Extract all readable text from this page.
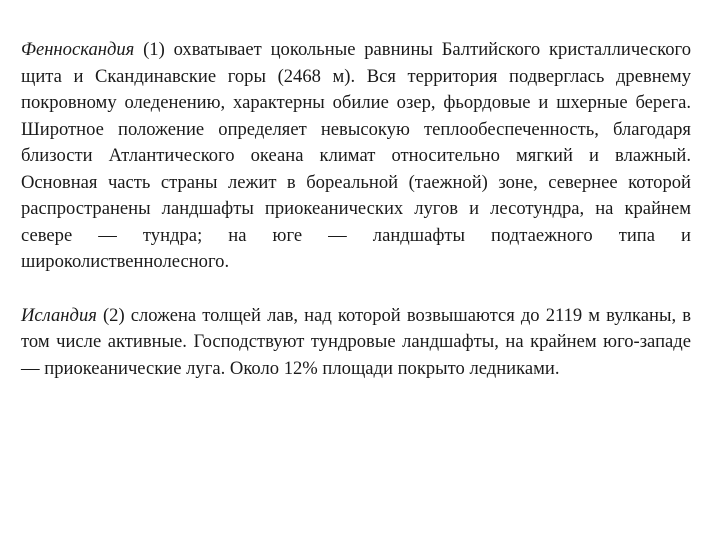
Фенноскандия (1) охватывает цокольные равнины Балтийского кристаллического щита и Скандинавские горы (2468 м). Вся территория подверглась древнему покровному оледенению, характерны обилие озер, фьордовые и шхерные берега. Широтное положение определяет невысокую теплообеспеченность, благодаря близости Атлантического океана климат относительно мягкий и влажный. Основная часть страны лежит в бореальной (таежной) зоне, севернее которой распространены ландшафты приокеанических лугов и лесотундра, на крайнем севере — тундра; на юге — ландшафты подтаежного типа и широколиственнолесного.

Исландия (2) сложена толщей лав, над которой возвышаются до 2119 м вулканы, в том числе активные. Господствуют тундровые ландшафты, на крайнем юго-западе — приокеанические луга. Около 12% площади покрыто ледниками.
